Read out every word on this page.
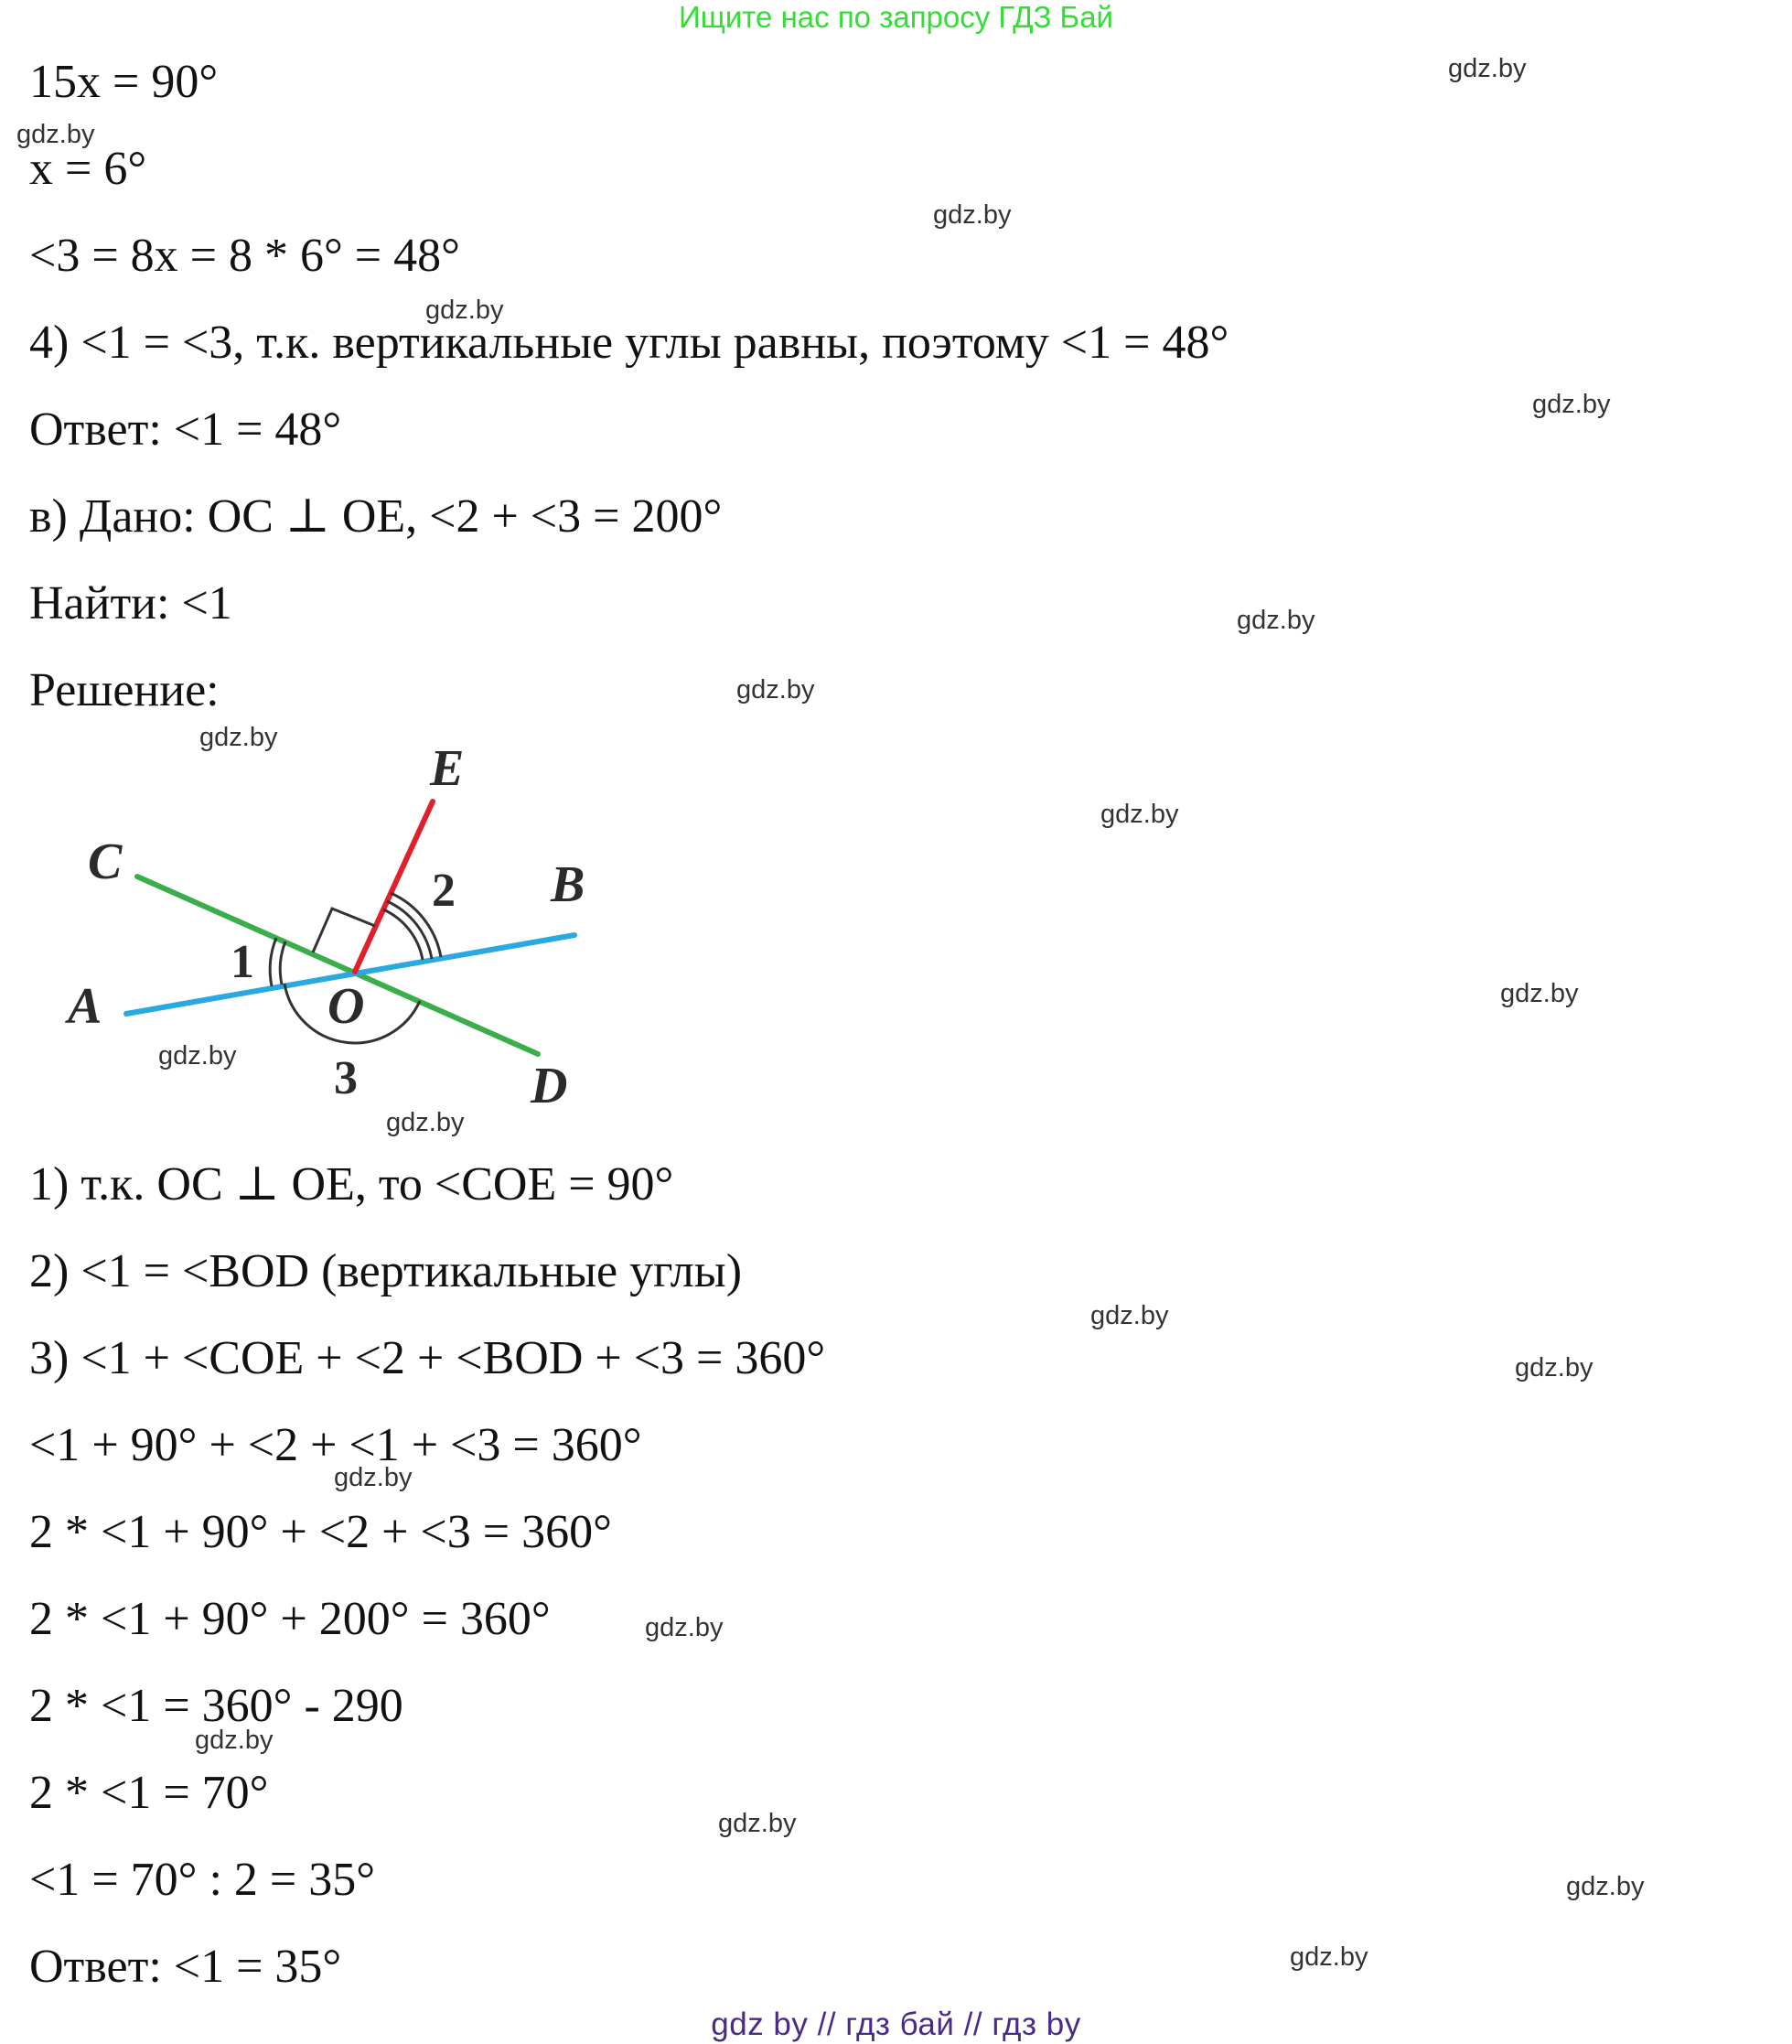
Ищите нас по запросу ГДЗ Бай
15x = 90°
x = 6°
<3 = 8x = 8 * 6° = 48°
4) <1 = <3, т.к. вертикальные углы равны, поэтому <1 = 48°
Ответ: <1 = 48°
в) Дано: OC ⊥ OE, <2 + <3 = 200°
Найти: <1
Решение:
C
E
B
A	O
D
1
2
3
1) т.к. OC ⊥ OE, то <COE = 90°
2) <1 = <BOD (вертикальные углы)
3) <1 + <COE + <2 + <BOD + <3 = 360°
<1 + 90° + <2 + <1 + <3 = 360°
2 * <1 + 90° + <2 + <3 = 360°
2 * <1 + 90° + 200° = 360°
2 * <1 = 360° - 290
2 * <1 = 70°
<1 = 70° : 2 = 35°
Ответ: <1 = 35°
gdz.by
gdz.by
gdz.by
gdz.by
gdz.by
gdz.by
gdz.by
gdz.by
gdz.by
gdz.by
gdz.by
gdz.by
gdz.by
gdz.by
gdz.by
gdz.by
gdz.by
gdz.by
gdz.by
gdz.by
gdz by // гдз бай // гдз by
